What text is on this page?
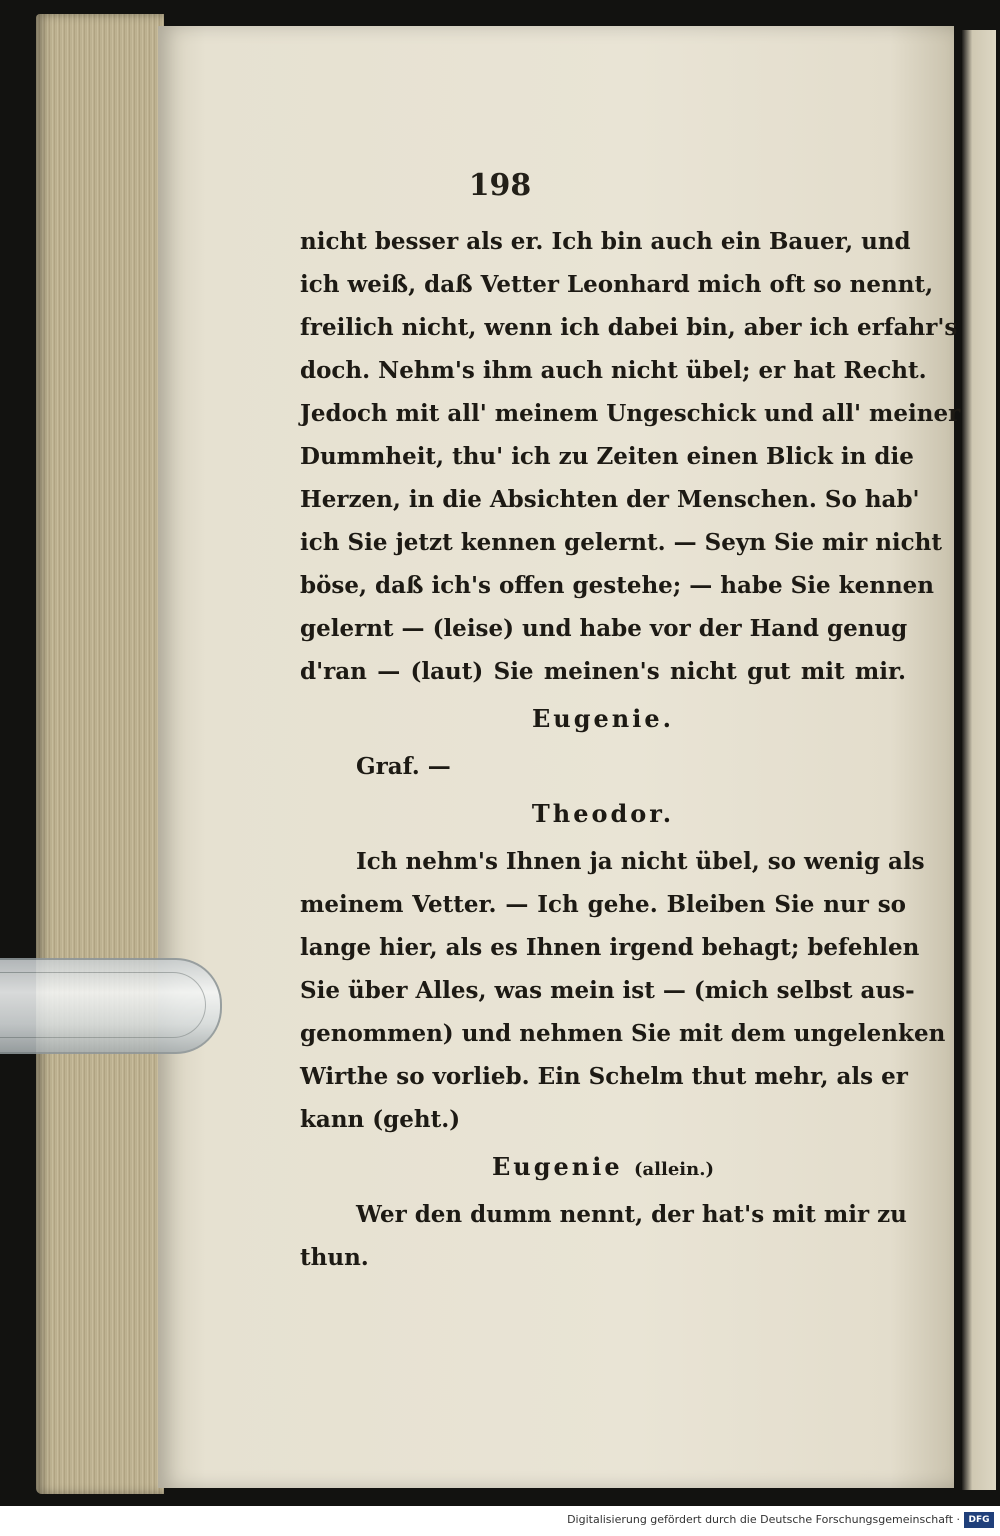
198
nicht besser als er. Ich bin auch ein Bauer, und
ich weiß, daß Vetter Leonhard mich oft so nennt,
freilich nicht, wenn ich dabei bin, aber ich erfahr's
doch. Nehm's ihm auch nicht übel; er hat Recht.
Jedoch mit all' meinem Ungeschick und all' meiner
Dummheit, thu' ich zu Zeiten einen Blick in die
Herzen, in die Absichten der Menschen. So hab'
ich Sie jetzt kennen gelernt. — Seyn Sie mir nicht
böse, daß ich's offen gestehe; — habe Sie kennen
gelernt — (leise) und habe vor der Hand genug
d'ran — (laut) Sie meinen's nicht gut mit mir.
Eugenie.
Graf. —
Theodor.
Ich nehm's Ihnen ja nicht übel, so wenig als
meinem Vetter. — Ich gehe. Bleiben Sie nur so
lange hier, als es Ihnen irgend behagt; befehlen
Sie über Alles, was mein ist — (mich selbst aus-
genommen) und nehmen Sie mit dem ungelenken
Wirthe so vorlieb. Ein Schelm thut mehr, als er
kann (geht.)
Eugenie (allein.)
Wer den dumm nennt, der hat's mit mir zu
thun.
Digitalisierung gefördert durch die Deutsche Forschungsgemeinschaft · DFG
